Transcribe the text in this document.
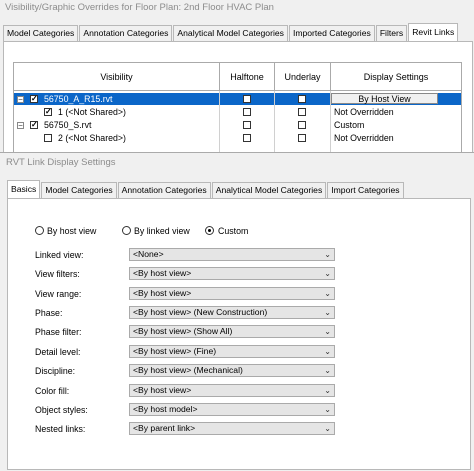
Visibility/Graphic Overrides for Floor Plan: 2nd Floor HVAC Plan
Model Categories	Annotation Categories	Analytical Model Categories	Imported Categories	Filters	Revit Links
Visibility	Halftone	Underlay	Display Settings
− ✓ 56750_A_R15.rvt	By Host View
✓ 1 (<Not Shared>)	Not Overridden
− ✓ 56750_S.rvt	Custom
2 (<Not Shared>)	Not Overridden
RVT Link Display Settings
Basics	Model Categories	Annotation Categories	Analytical Model Categories	Import Categories
By host view	By linked view	Custom
Linked view:	<None>	⌄
View filters:	<By host view>	⌄
View range:	<By host view>	⌄
Phase:	<By host view> (New Construction)	⌄
Phase filter:	<By host view> (Show All)	⌄
Detail level:	<By host view> (Fine)	⌄
Discipline:	<By host view> (Mechanical)	⌄
Color fill:	<By host view>	⌄
Object styles:	<By host model>	⌄
Nested links:	<By parent link>	⌄
